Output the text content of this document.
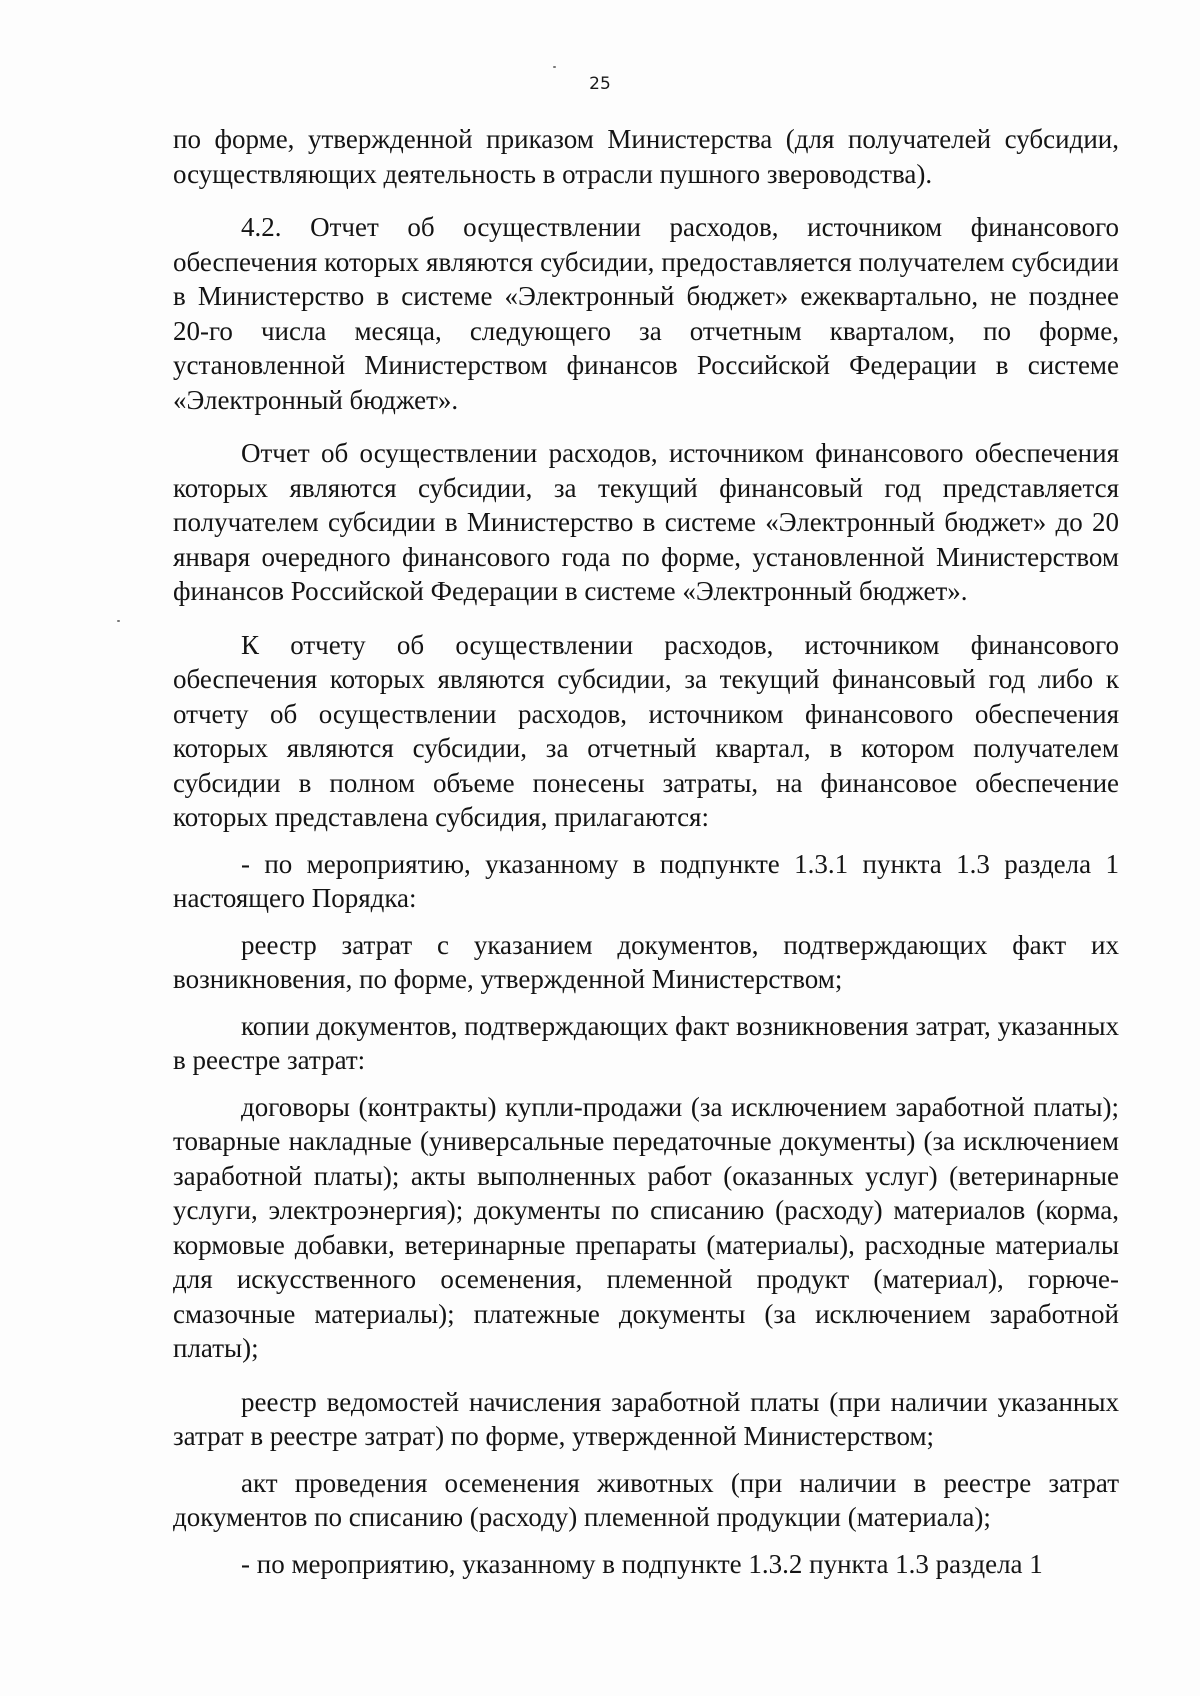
25

по форме, утвержденной приказом Министерства (для получателей субсидии, осуществляющих деятельность в отрасли пушного звероводства).

4.2. Отчет об осуществлении расходов, источником финансового обеспечения которых являются субсидии, предоставляется получателем субсидии в Министерство в системе «Электронный бюджет» ежеквартально, не позднее 20-го числа месяца, следующего за отчетным кварталом, по форме, установленной Министерством финансов Российской Федерации в системе «Электронный бюджет».

Отчет об осуществлении расходов, источником финансового обеспечения которых являются субсидии, за текущий финансовый год представляется получателем субсидии в Министерство в системе «Электронный бюджет» до 20 января очередного финансового года по форме, установленной Министерством финансов Российской Федерации в системе «Электронный бюджет».

К отчету об осуществлении расходов, источником финансового обеспечения которых являются субсидии, за текущий финансовый год либо к отчету об осуществлении расходов, источником финансового обеспечения которых являются субсидии, за отчетный квартал, в котором получателем субсидии в полном объеме понесены затраты, на финансовое обеспечение которых представлена субсидия, прилагаются:

- по мероприятию, указанному в подпункте 1.3.1 пункта 1.3 раздела 1 настоящего Порядка:

реестр затрат с указанием документов, подтверждающих факт их возникновения, по форме, утвержденной Министерством;

копии документов, подтверждающих факт возникновения затрат, указанных в реестре затрат:

договоры (контракты) купли-продажи (за исключением заработной платы); товарные накладные (универсальные передаточные документы) (за исключением заработной платы); акты выполненных работ (оказанных услуг) (ветеринарные услуги, электроэнергия); документы по списанию (расходу) материалов (корма, кормовые добавки, ветеринарные препараты (материалы), расходные материалы для искусственного осеменения, племенной продукт (материал), горюче-смазочные материалы); платежные документы (за исключением заработной платы);

реестр ведомостей начисления заработной платы (при наличии указанных затрат в реестре затрат) по форме, утвержденной Министерством;

акт проведения осеменения животных (при наличии в реестре затрат документов по списанию (расходу) племенной продукции (материала);

- по мероприятию, указанному в подпункте 1.3.2 пункта 1.3 раздела 1
